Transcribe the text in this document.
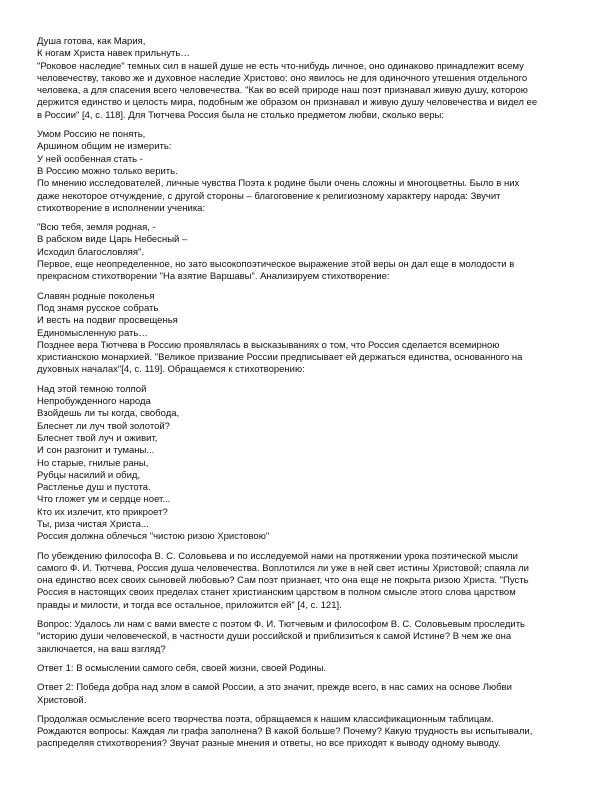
Душа готова, как Мария,
К ногам Христа навек прильнуть…
"Роковое наследие" темных сил в нашей душе не есть что-нибудь личное, оно одинаково принадлежит всему
человечеству, таково же и духовное наследие Христово: оно явилось не для одиночного утешения отдельного
человека, а для спасения всего человечества. "Как во всей природе наш поэт признавал живую душу, которою
держится единство и целость мира, подобным же образом он признавал и живую душу человечества и видел ее
в России" [4, с. 118]. Для Тютчева Россия была не столько предметом любви, сколько веры:
Умом Россию не понять,
Аршином общим не измерить:
У ней особенная стать -
В Россию можно только верить.
По мнению исследователей, личные чувства Поэта к родине были очень сложны и многоцветны. Было в них
даже некоторое отчуждение, с другой стороны – благоговение к религиозному характеру народа: Звучит
стихотворение в исполнении ученика:
"Всю тебя, земля родная, -
В рабском виде Царь Небесный –
Исходил благословляя".
Первое, еще неопределенное, но зато высокопоэтическое выражение этой веры он дал еще в молодости в
прекрасном стихотворении "На взятие Варшавы". Анализируем стихотворение:
Славян родные поколенья
Под знамя русское собрать
И весть на подвиг просвещенья
Единомысленную рать…
Позднее вера Тютчева в Россию проявлялась в высказываниях о том, что Россия сделается всемирною
христианскою монархией. "Великое призвание России предписывает ей держаться единства, основанного на
духовных началах"[4, с. 119]. Обращаемся к стихотворению:
Над этой темною толпой
Непробужденного народа
Взойдешь ли ты когда, свобода,
Блеснет ли луч твой золотой?
Блеснет твой луч и оживит,
И сон разгонит и туманы...
Но старые, гнилые раны,
Рубцы насилий и обид,
Растленье душ и пустота.
Что гложет ум и сердце ноет...
Кто их излечит, кто прикроет?
Ты, риза чистая Христа...
Россия должна облечься "чистою ризою Христовою"
По убеждению философа В. С. Соловьева и по исследуемой нами на протяжении урока поэтической мысли
самого Ф. И. Тютчева, Россия душа человечества. Воплотился ли уже в ней свет истины Христовой; спаяла ли
она единство всех своих сыновей любовью? Сам поэт признает, что она еще не покрыта ризою Христа. "Пусть
Россия в настоящих своих пределах станет христианским царством в полном смысле этого слова царством
правды и милости, и тогда все остальное, приложится ей" [4, с. 121].
Вопрос: Удалось ли нам с вами вместе с поэтом Ф. И. Тютчевым и философом В. С. Соловьевым проследить
"историю души человеческой, в частности души российской и приблизиться к самой Истине? В чем же она
заключается, на ваш взгляд?
Ответ 1: В осмыслении самого себя, своей жизни, своей Родины.
Ответ 2: Победа добра над злом в самой России, а это значит, прежде всего, в нас самих на основе Любви
Христовой.
Продолжая осмысление всего творчества поэта, обращаемся к нашим классификационным таблицам.
Рождаются вопросы: Каждая ли графа заполнена? В какой больше? Почему? Какую трудность вы испытывали,
распределяя стихотворения? Звучат разные мнения и ответы, но все приходят к выводу одному выводу.
